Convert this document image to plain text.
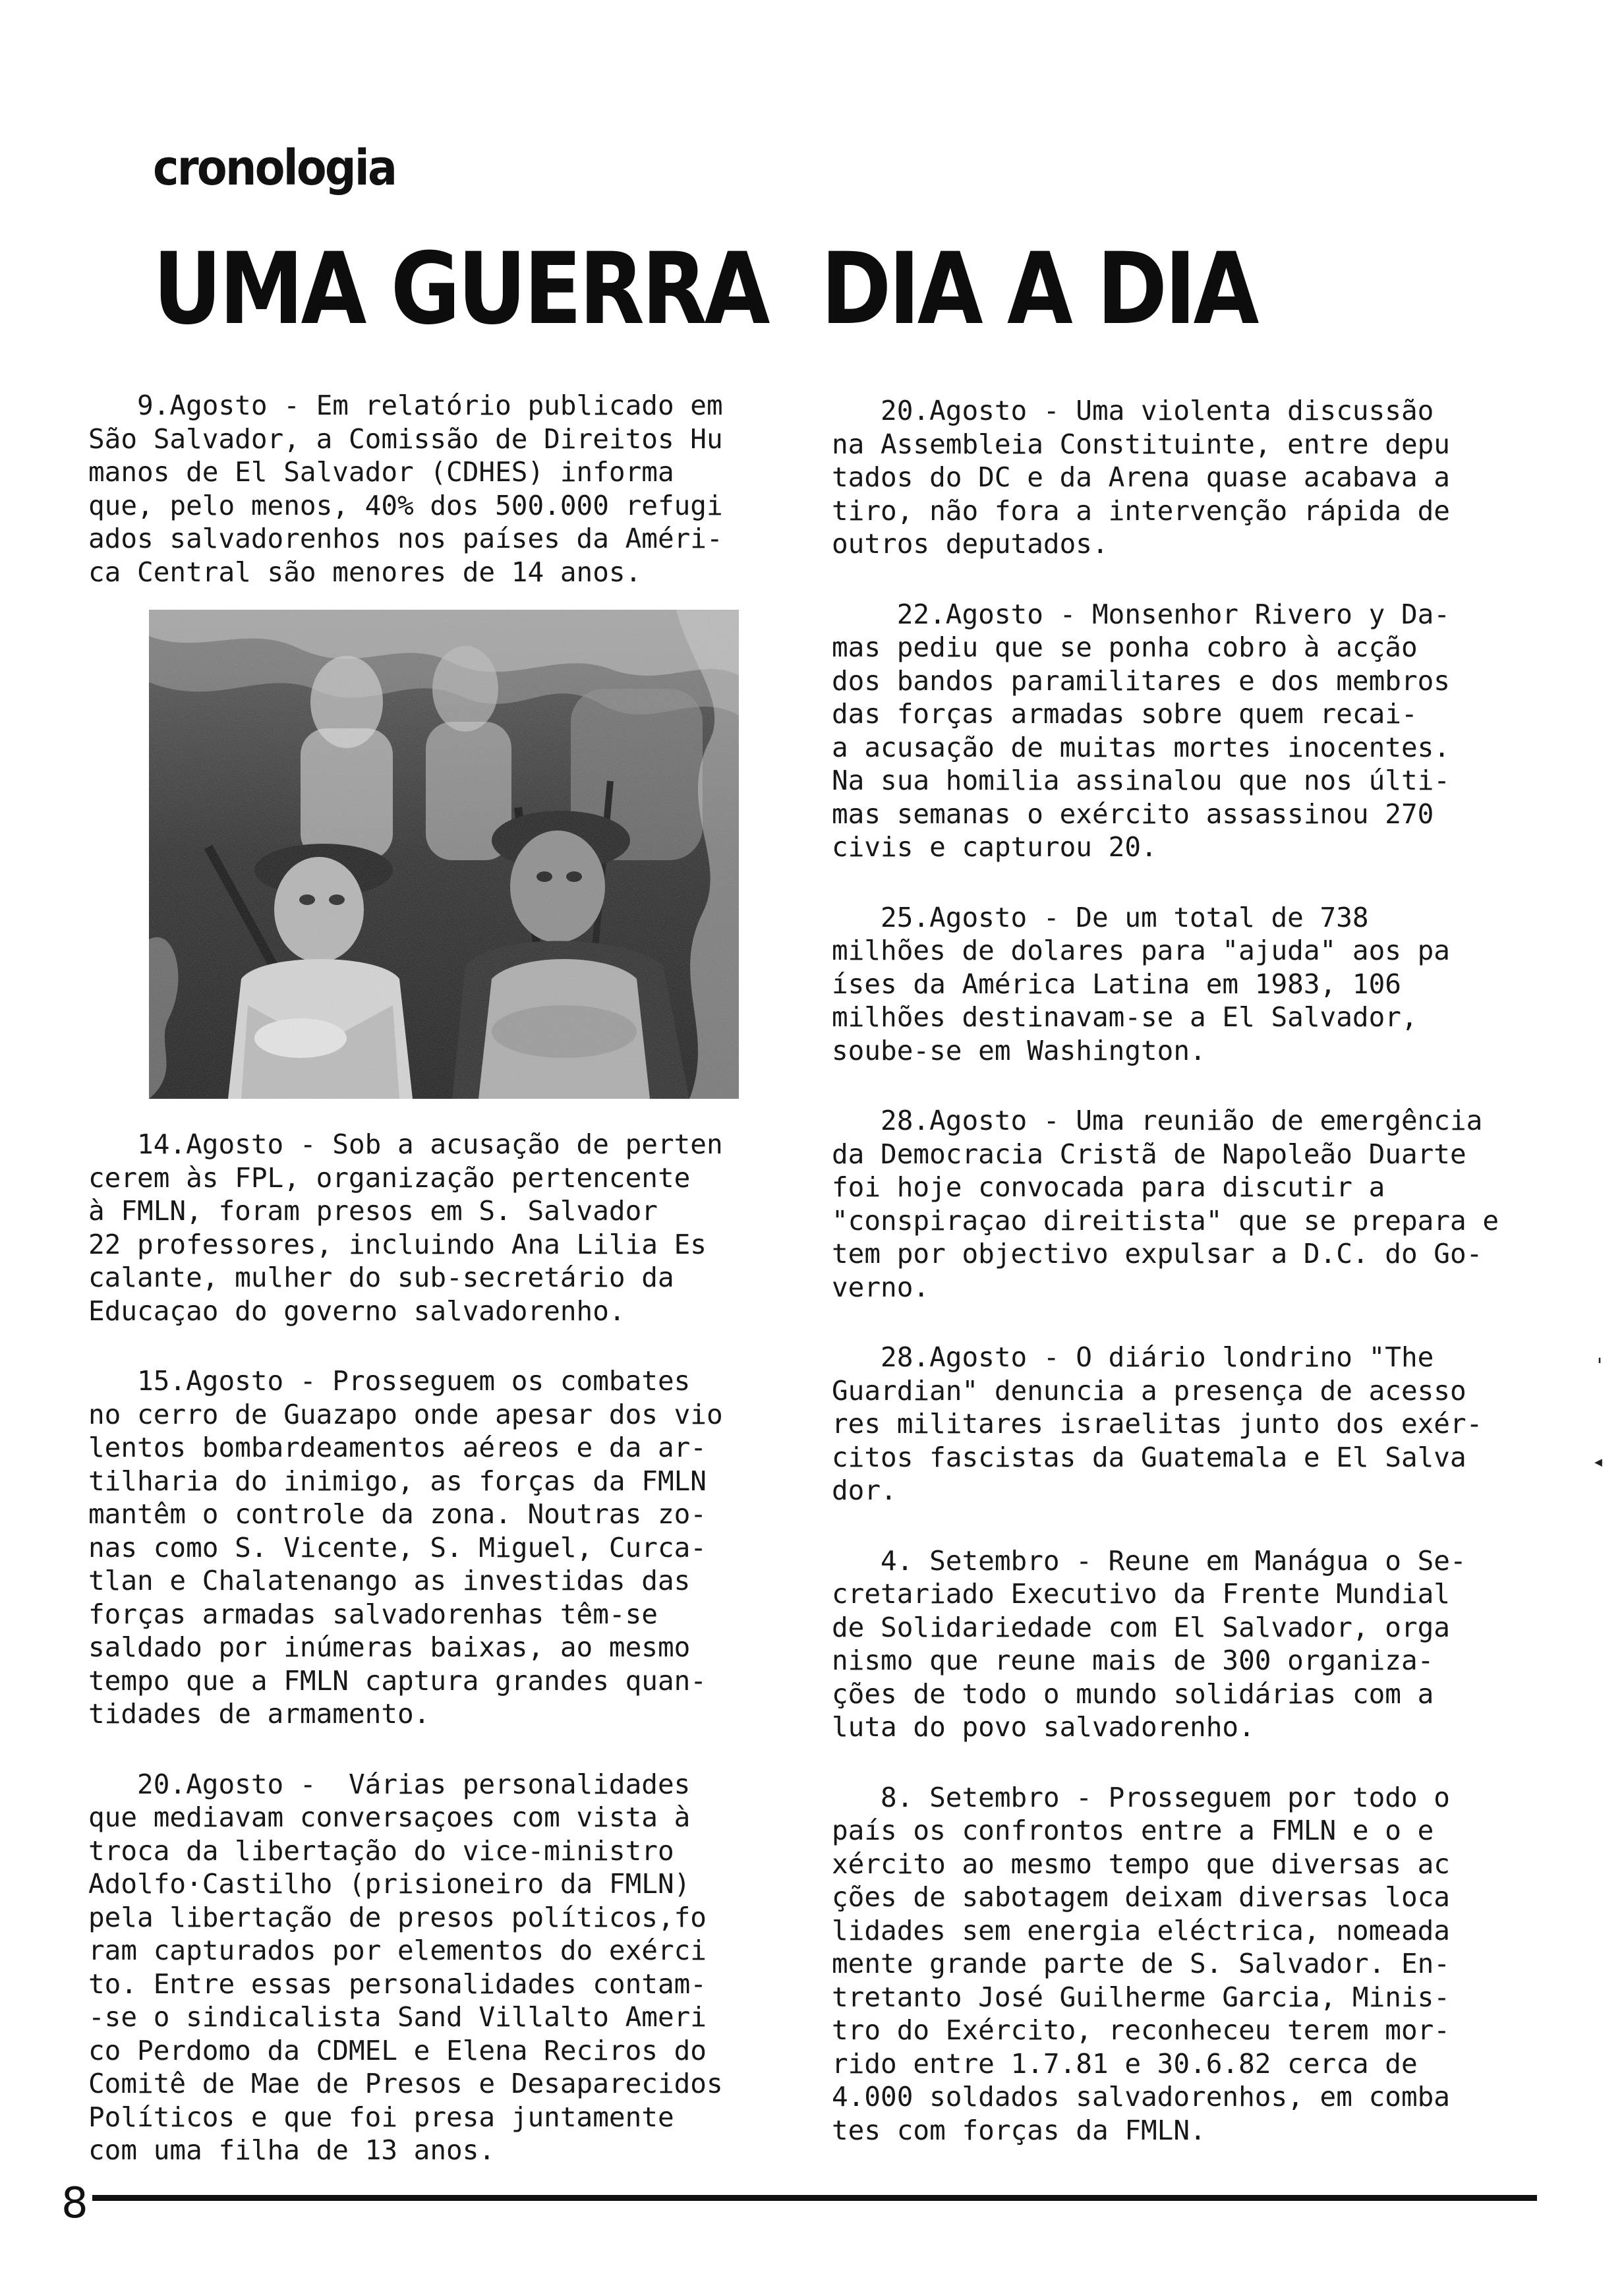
cronologia
UMA GUERRA  DIA A DIA

9.Agosto - Em relatório publicado em
São Salvador, a Comissão de Direitos Hu
manos de El Salvador (CDHES) informa
que, pelo menos, 40% dos 500.000 refugi
ados salvadorenhos nos países da Améri-
ca Central são menores de 14 anos.

14.Agosto - Sob a acusação de perten
cerem às FPL, organização pertencente
à FMLN, foram presos em S. Salvador
22 professores, incluindo Ana Lilia Es
calante, mulher do sub-secretário da
Educaçao do governo salvadorenho.

15.Agosto - Prosseguem os combates
no cerro de Guazapo onde apesar dos vio
lentos bombardeamentos aéreos e da ar-
tilharia do inimigo, as forças da FMLN
mantêm o controle da zona. Noutras zo-
nas como S. Vicente, S. Miguel, Curca-
tlan e Chalatenango as investidas das
forças armadas salvadorenhas têm-se
saldado por inúmeras baixas, ao mesmo
tempo que a FMLN captura grandes quan-
tidades de armamento.

20.Agosto -  Várias personalidades
que mediavam conversaçoes com vista à
troca da libertação do vice-ministro
Adolfo·Castilho (prisioneiro da FMLN)
pela libertação de presos políticos,fo
ram capturados por elementos do exérci
to. Entre essas personalidades contam-
-se o sindicalista Sand Villalto Ameri
co Perdomo da CDMEL e Elena Reciros do
Comitê de Mae de Presos e Desaparecidos
Políticos e que foi presa juntamente
com uma filha de 13 anos.

20.Agosto - Uma violenta discussão
na Assembleia Constituinte, entre depu
tados do DC e da Arena quase acabava a
tiro, não fora a intervenção rápida de
outros deputados.

22.Agosto - Monsenhor Rivero y Da-
mas pediu que se ponha cobro à acção
dos bandos paramilitares e dos membros
das forças armadas sobre quem recai-
a acusação de muitas mortes inocentes.
Na sua homilia assinalou que nos últi-
mas semanas o exército assassinou 270
civis e capturou 20.

25.Agosto - De um total de 738
milhões de dolares para "ajuda" aos pa
íses da América Latina em 1983, 106
milhões destinavam-se a El Salvador,
soube-se em Washington.

28.Agosto - Uma reunião de emergência
da Democracia Cristã de Napoleão Duarte
foi hoje convocada para discutir a
"conspiraçao direitista" que se prepara e
tem por objectivo expulsar a D.C. do Go-
verno.

28.Agosto - O diário londrino "The
Guardian" denuncia a presença de acesso
res militares israelitas junto dos exér-
citos fascistas da Guatemala e El Salva
dor.

4. Setembro - Reune em Manágua o Se-
cretariado Executivo da Frente Mundial
de Solidariedade com El Salvador, orga
nismo que reune mais de 300 organiza-
ções de todo o mundo solidárias com a
luta do povo salvadorenho.

8. Setembro - Prosseguem por todo o
país os confrontos entre a FMLN e o e
xército ao mesmo tempo que diversas ac
ções de sabotagem deixam diversas loca
lidades sem energia eléctrica, nomeada
mente grande parte de S. Salvador. En-
tretanto José Guilherme Garcia, Minis-
tro do Exército, reconheceu terem mor-
rido entre 1.7.81 e 30.6.82 cerca de
4.000 soldados salvadorenhos, em comba
tes com forças da FMLN.

'
◂
8
